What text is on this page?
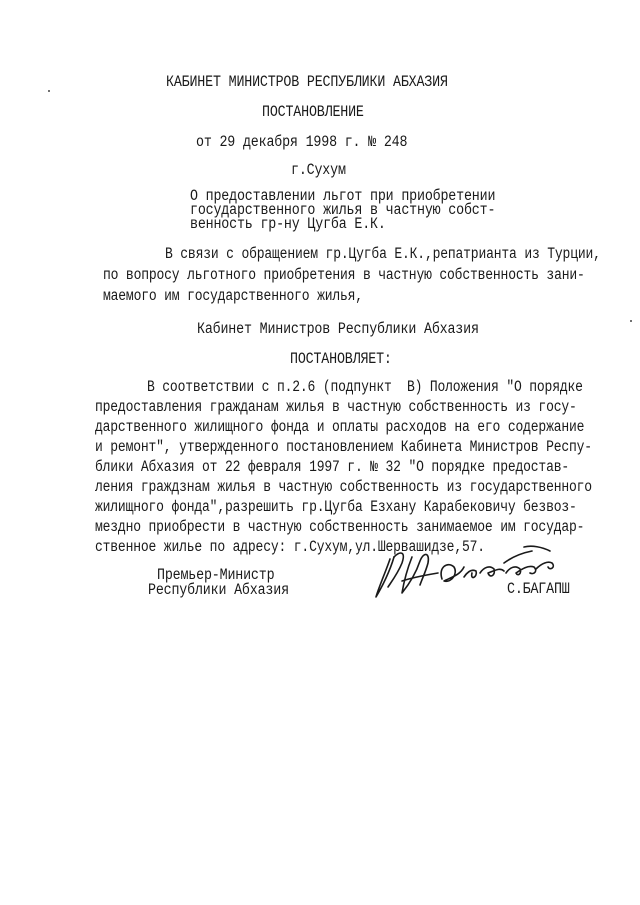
КАБИНЕТ МИНИСТРОВ РЕСПУБЛИКИ АБХАЗИЯ
ПОСТАНОВЛЕНИЕ
от 29 декабря 1998 г. № 248
г.Сухум
О предоставлении льгот при приобретении
государственного жилья в частную собст-
венность гр-ну Цугба Е.К.
В связи с обращением гр.Цугба Е.К.,репатрианта из Турции,
по вопросу льготного приобретения в частную собственность зани-
маемого им государственного жилья,
Кабинет Министров Республики Абхазия
ПОСТАНОВЛЯЕТ:
В соответствии с п.2.6 (подпункт  В) Положения "О порядке
предоставления гражданам жилья в частную собственность из госу-
дарственного жилищного фонда и оплаты расходов на его содержание
и ремонт", утвержденного постановлением Кабинета Министров Респу-
блики Абхазия от 22 февраля 1997 г. № 32 "О порядке предостав-
ления граждзнам жилья в частную собственность из государственного
жилищного фонда",разрешить гр.Цугба Езхану Карабековичу безвоз-
мездно приобрести в частную собственность занимаемое им государ-
ственное жилье по адресу: г.Сухум,ул.Шервашидзе,57.
Премьер-Министр
Республики Абхазия	С.БАГАПШ
